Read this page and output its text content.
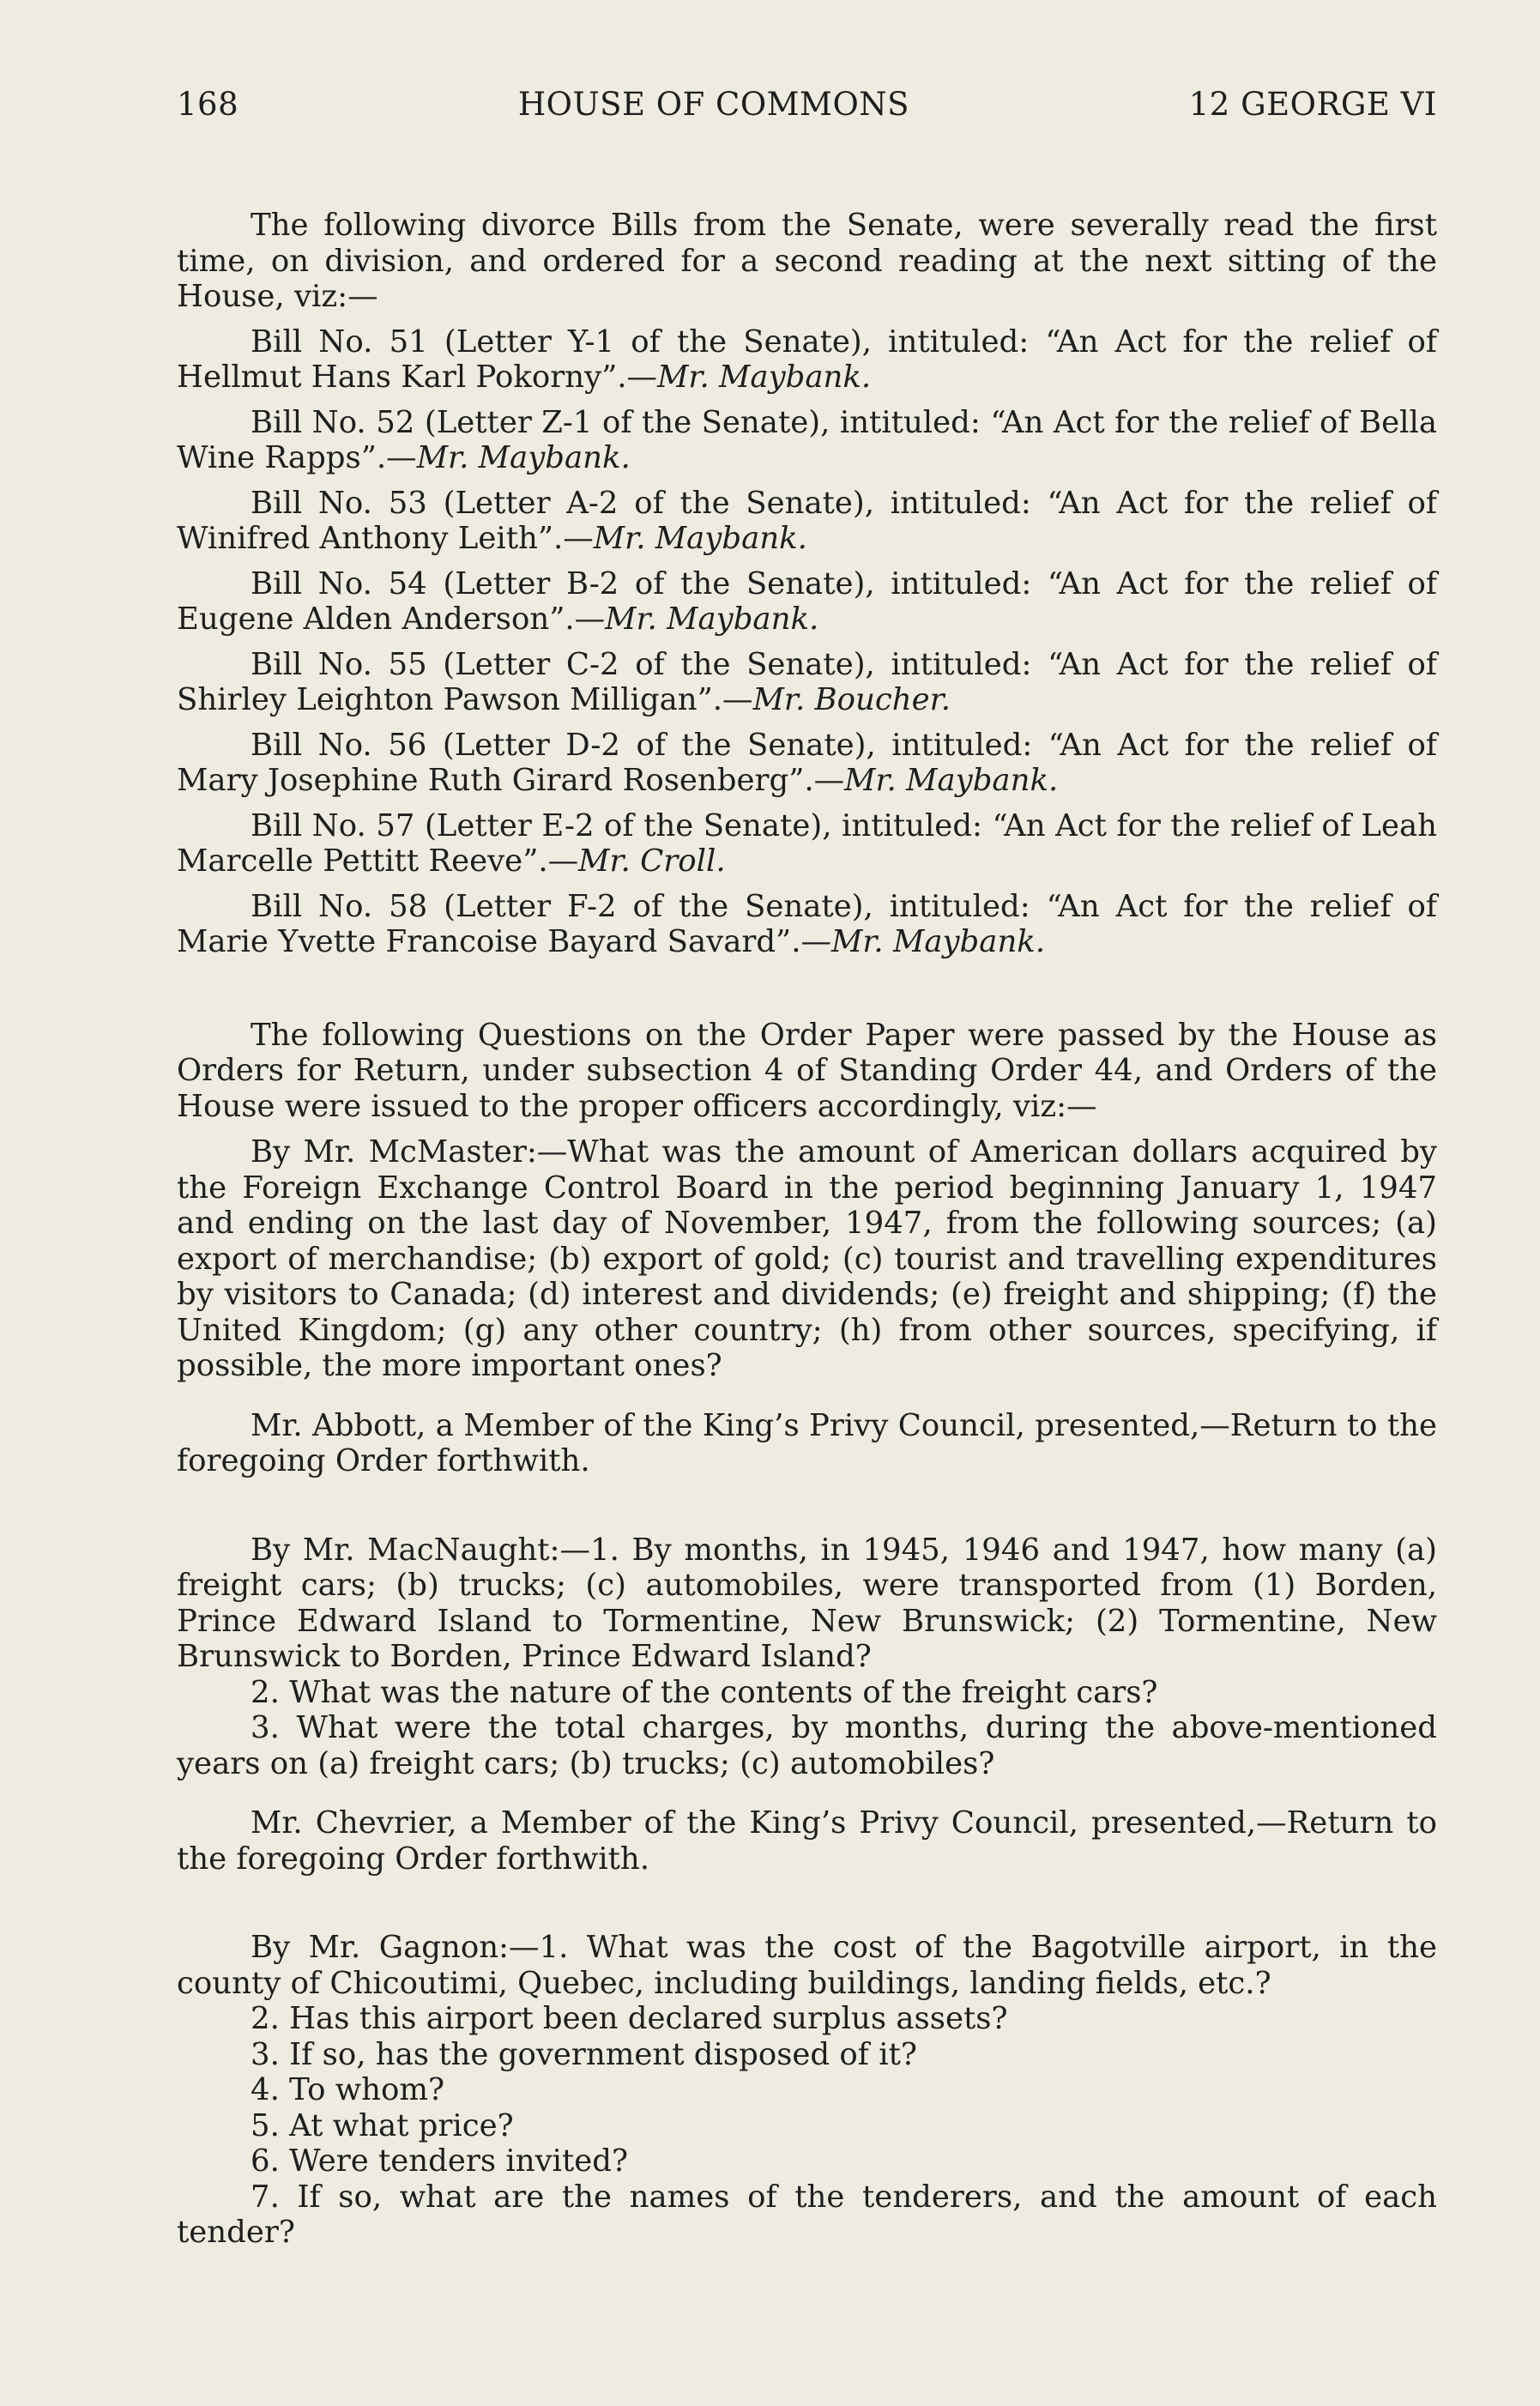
168	HOUSE OF COMMONS	12 GEORGE VI

The following divorce Bills from the Senate, were severally read the first time, on division, and ordered for a second reading at the next sitting of the House, viz:—

Bill No. 51 (Letter Y-1 of the Senate), intituled: “An Act for the relief of Hellmut Hans Karl Pokorny”.—Mr. Maybank.

Bill No. 52 (Letter Z-1 of the Senate), intituled: “An Act for the relief of Bella Wine Rapps”.—Mr. Maybank.

Bill No. 53 (Letter A-2 of the Senate), intituled: “An Act for the relief of Winifred Anthony Leith”.—Mr. Maybank.

Bill No. 54 (Letter B-2 of the Senate), intituled: “An Act for the relief of Eugene Alden Anderson”.—Mr. Maybank.

Bill No. 55 (Letter C-2 of the Senate), intituled: “An Act for the relief of Shirley Leighton Pawson Milligan”.—Mr. Boucher.

Bill No. 56 (Letter D-2 of the Senate), intituled: “An Act for the relief of Mary Josephine Ruth Girard Rosenberg”.—Mr. Maybank.

Bill No. 57 (Letter E-2 of the Senate), intituled: “An Act for the relief of Leah Marcelle Pettitt Reeve”.—Mr. Croll.

Bill No. 58 (Letter F-2 of the Senate), intituled: “An Act for the relief of Marie Yvette Francoise Bayard Savard”.—Mr. Maybank.

The following Questions on the Order Paper were passed by the House as Orders for Return, under subsection 4 of Standing Order 44, and Orders of the House were issued to the proper officers accordingly, viz:—

By Mr. McMaster:—What was the amount of American dollars acquired by the Foreign Exchange Control Board in the period beginning January 1, 1947 and ending on the last day of November, 1947, from the following sources; (a) export of merchandise; (b) export of gold; (c) tourist and travelling expenditures by visitors to Canada; (d) interest and dividends; (e) freight and shipping; (f) the United Kingdom; (g) any other country; (h) from other sources, specifying, if possible, the more important ones?

Mr. Abbott, a Member of the King’s Privy Council, presented,—Return to the foregoing Order forthwith.

By Mr. MacNaught:—1. By months, in 1945, 1946 and 1947, how many (a) freight cars; (b) trucks; (c) automobiles, were transported from (1) Borden, Prince Edward Island to Tormentine, New Brunswick; (2) Tormentine, New Brunswick to Borden, Prince Edward Island?

2. What was the nature of the contents of the freight cars?

3. What were the total charges, by months, during the above-mentioned years on (a) freight cars; (b) trucks; (c) automobiles?

Mr. Chevrier, a Member of the King’s Privy Council, presented,—Return to the foregoing Order forthwith.

By Mr. Gagnon:—1. What was the cost of the Bagotville airport, in the county of Chicoutimi, Quebec, including buildings, landing fields, etc.?

2. Has this airport been declared surplus assets?

3. If so, has the government disposed of it?

4. To whom?

5. At what price?

6. Were tenders invited?

7. If so, what are the names of the tenderers, and the amount of each tender?
